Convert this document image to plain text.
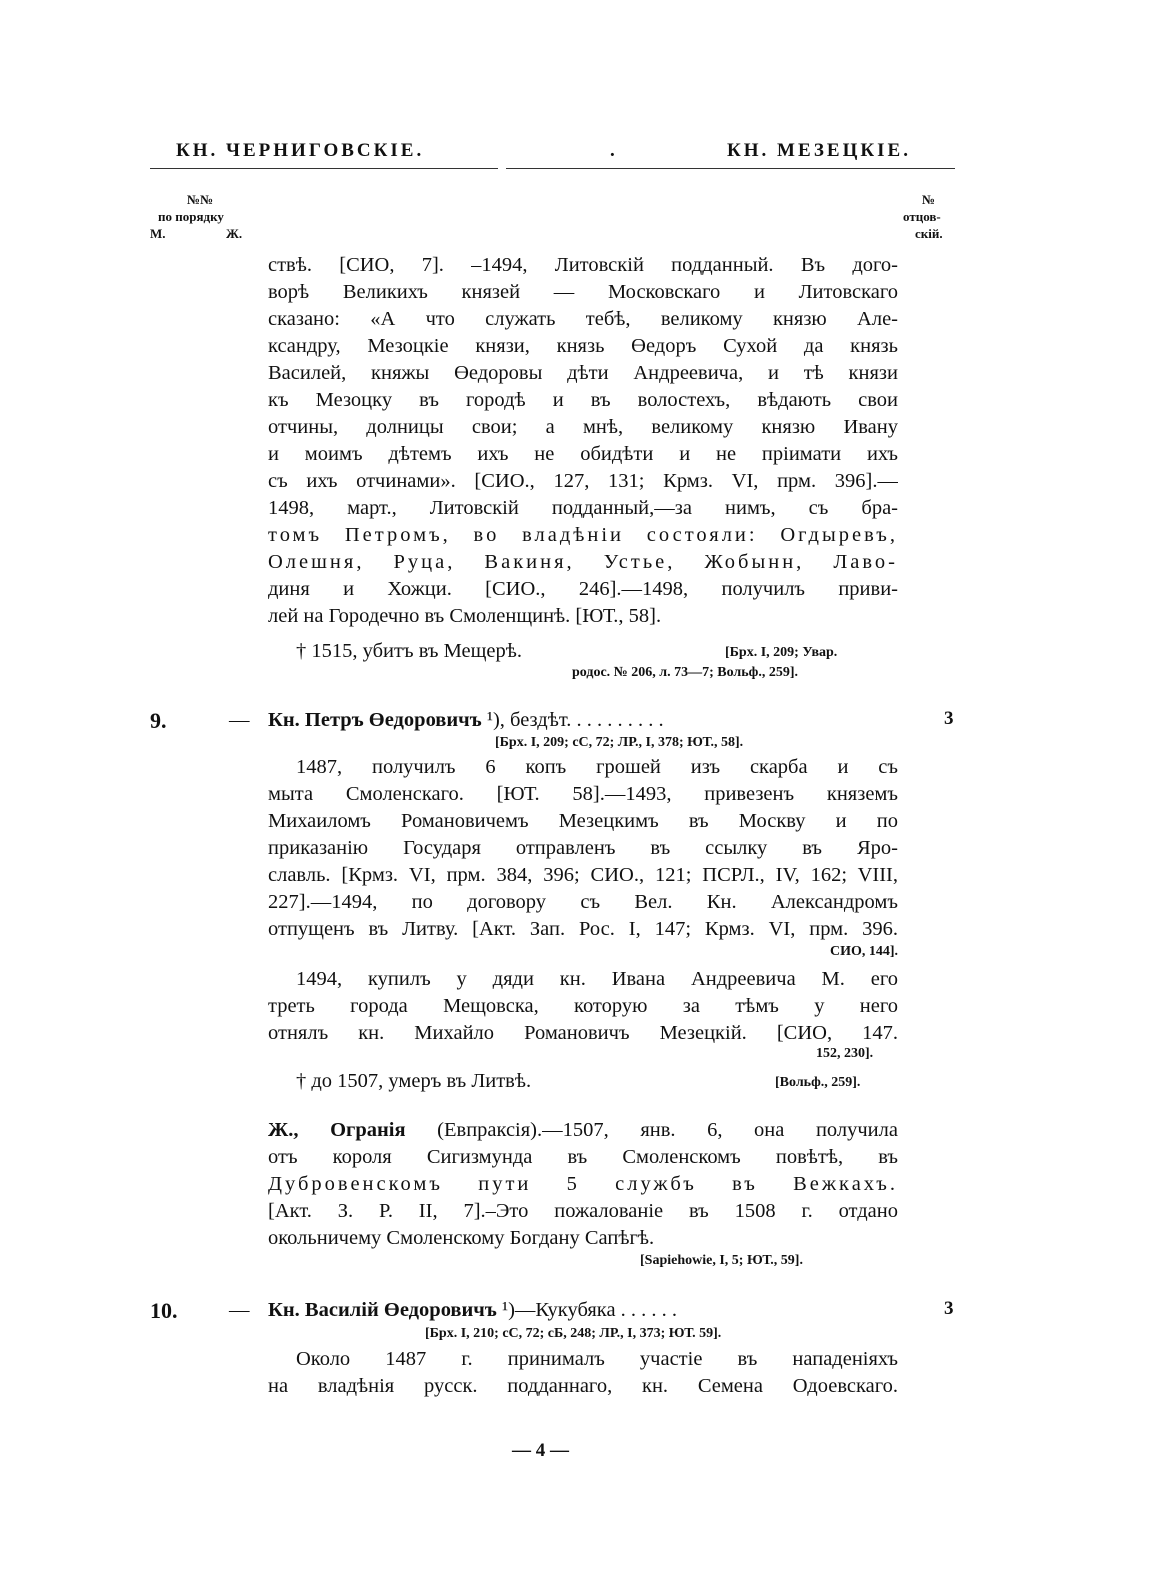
КН. ЧЕРНИГОВСКІЕ.	.	КН. МЕЗЕЦКІЕ.
№№
по порядку
М.	Ж.
№
отцов-
скій.
ствѣ. [СИО, 7]. –1494, Литовскій подданный. Въ дого-
ворѣ Великихъ князей — Московскаго и Литовскаго
сказано: «А что служать тебѣ, великому князю Але-
ксандру, Мезоцкіе князи, князь Өедоръ Сухой да князь
Василей, княжы Өедоровы дѣти Андреевича, и тѣ князи
къ Мезоцку въ городѣ и въ волостехъ, вѣдають свои
отчины, долницы свои; а мнѣ, великому князю Ивану
и моимъ дѣтемъ ихъ не обидѣти и не пріимати ихъ
съ ихъ отчинами». [СИО., 127, 131; Крмз. VI, прм. 396].—
1498, март., Литовскій подданный,—за нимъ, съ бра-
томъ Петромъ, во владѣніи состояли: Огдыревъ,
Олешня, Руца, Вакиня, Устье, Жобынн, Лаво-
диня и Хожци. [СИО., 246].—1498, получилъ приви-
лей на Городечно въ Смоленщинѣ. [ЮТ., 58].
† 1515, убитъ въ Мещерѣ.	[Брх. I, 209; Увар.
родос. № 206, л. 73—7; Вольф., 259].
9.	— Кн. Петръ Өедоровичъ ¹), бездѣт. . . . . . . . . .	3
[Брх. I, 209; сС, 72; ЛР., I, 378; ЮТ., 58].
1487, получилъ 6 копъ грошей изъ скарба и съ
мыта Смоленскаго. [ЮТ. 58].—1493, привезенъ княземъ
Михаиломъ Романовичемъ Мезецкимъ въ Москву и по
приказанію Государя отправленъ въ ссылку въ Яро-
славль. [Крмз. VI, прм. 384, 396; СИО., 121; ПСРЛ., IV, 162; VIII,
227].—1494, по договору съ Вел. Кн. Александромъ
отпущенъ въ Литву. [Акт. Зап. Рос. I, 147; Крмз. VI, прм. 396.
СИО, 144].
1494, купилъ у дяди кн. Ивана Андреевича М. его
треть города Мещовска, которую за тѣмъ у него
отнялъ кн. Михайло Романовичъ Мезецкій. [СИО, 147.
152, 230].
† до 1507, умеръ въ Литвѣ.	[Вольф., 259].
Ж., Огранія (Евпраксія).—1507, янв. 6, она получила
отъ короля Сигизмунда въ Смоленскомъ повѣтѣ, въ
Дубровенскомъ пути 5 службъ въ Вежкахъ.
[Акт. З. Р. II, 7].–Это пожалованіе въ 1508 г. отдано
окольничему Смоленскому Богдану Сапѣгѣ.
[Sapiehowie, I, 5; ЮТ., 59].
10.	— Кн. Василій Өедоровичъ ¹)—Кукубяка . . . . . .	3
[Брх. I, 210; сС, 72; сБ, 248; ЛР., I, 373; ЮТ. 59].
Около 1487 г. принималъ участіе въ нападеніяхъ
на владѣнія русск. подданнаго, кн. Семена Одоевскаго.
— 4 —
